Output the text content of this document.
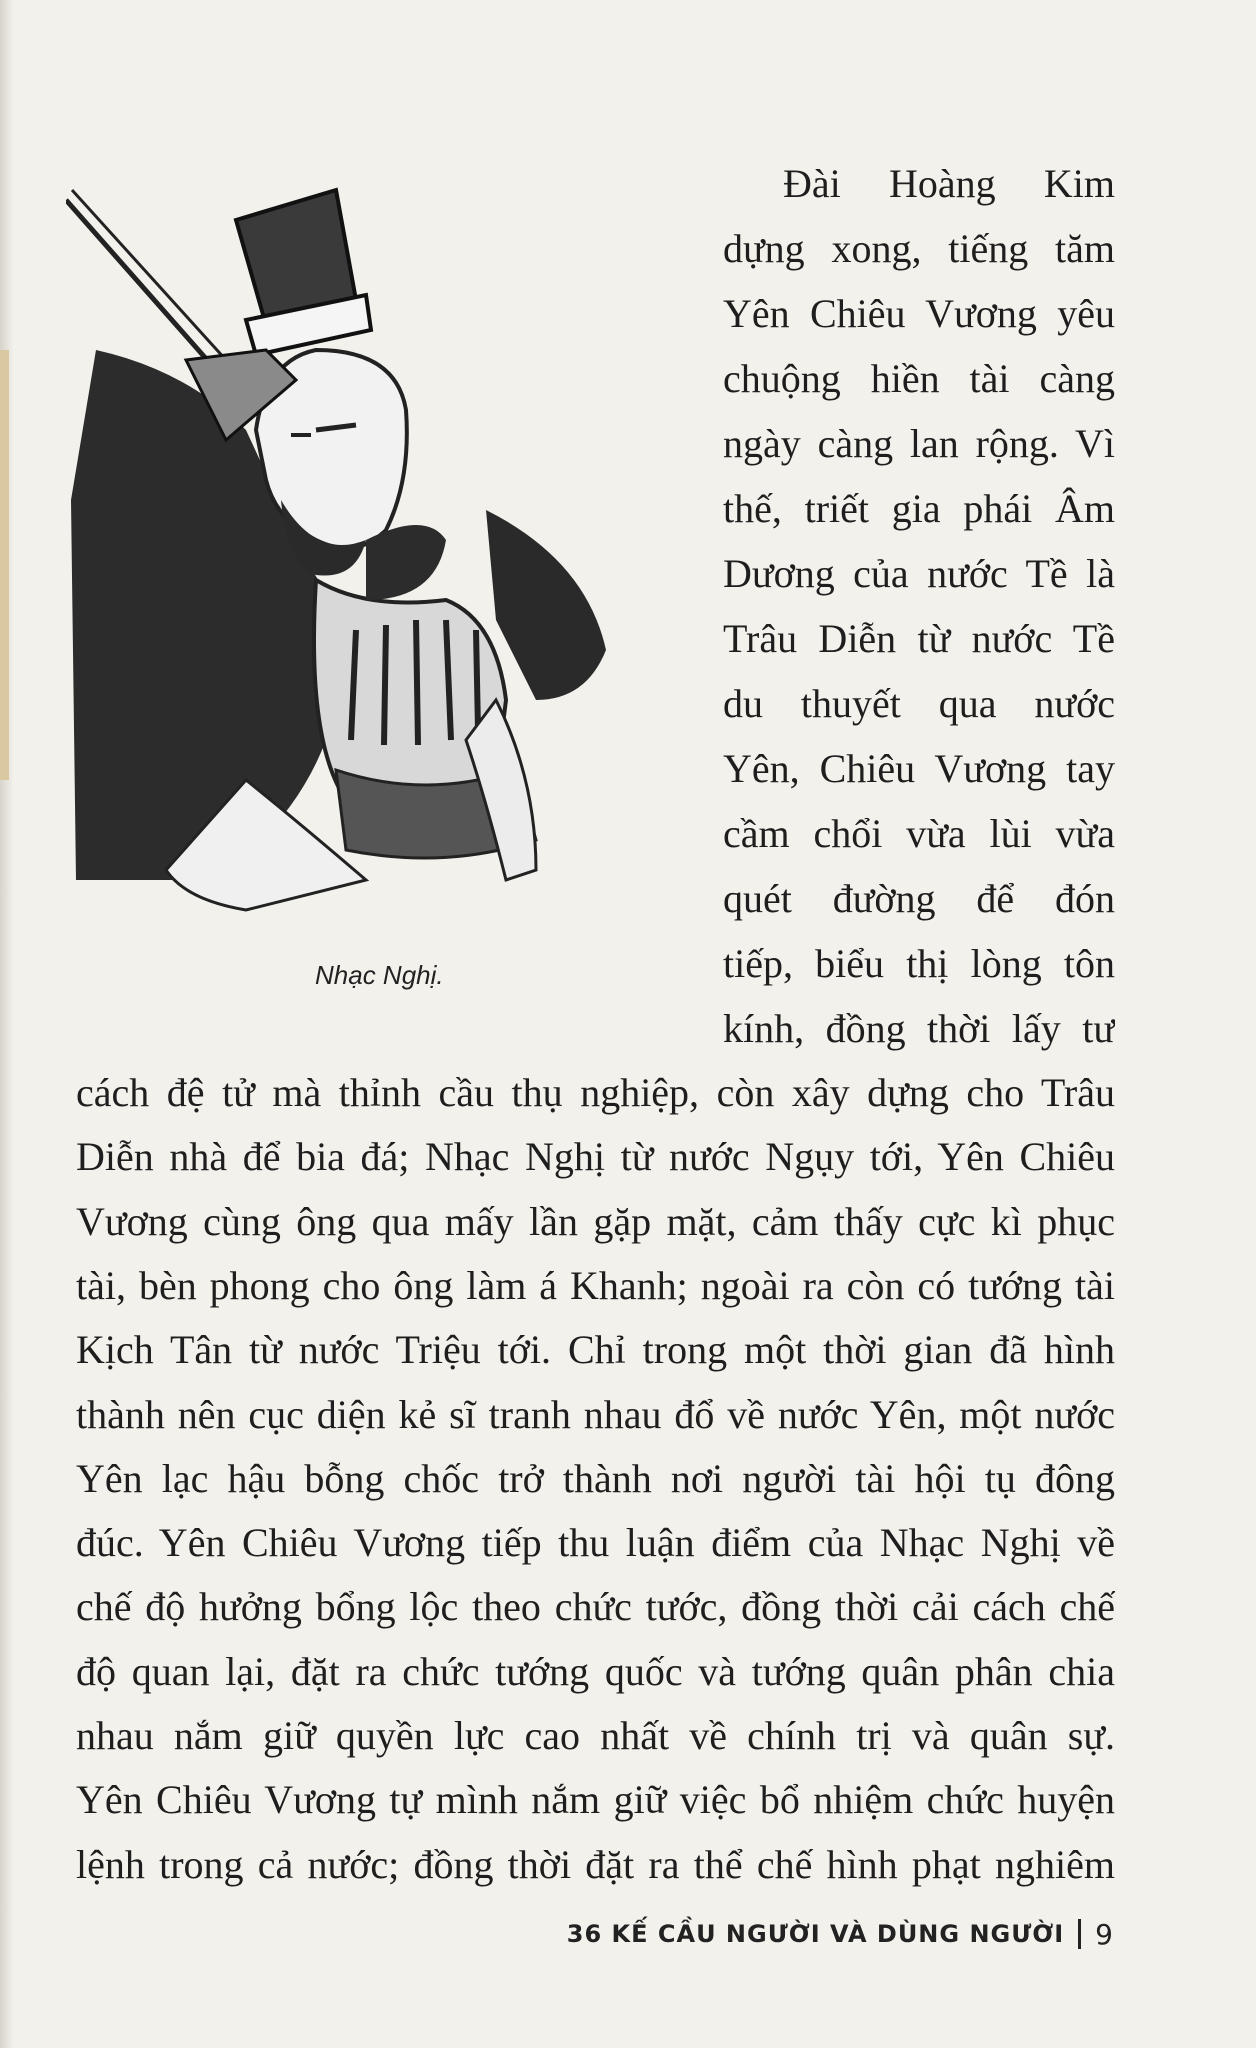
Nhạc Nghị.
Đài Hoàng Kim
dựng xong, tiếng tăm
Yên Chiêu Vương yêu
chuộng hiền tài càng
ngày càng lan rộng. Vì
thế, triết gia phái Âm
Dương của nước Tề là
Trâu Diễn từ nước Tề
du thuyết qua nước
Yên, Chiêu Vương tay
cầm chổi vừa lùi vừa
quét đường để đón
tiếp, biểu thị lòng tôn
kính, đồng thời lấy tư
cách đệ tử mà thỉnh cầu thụ nghiệp, còn xây dựng cho Trâu
Diễn nhà để bia đá; Nhạc Nghị từ nước Ngụy tới, Yên Chiêu
Vương cùng ông qua mấy lần gặp mặt, cảm thấy cực kì phục
tài, bèn phong cho ông làm á Khanh; ngoài ra còn có tướng tài
Kịch Tân từ nước Triệu tới. Chỉ trong một thời gian đã hình
thành nên cục diện kẻ sĩ tranh nhau đổ về nước Yên, một nước
Yên lạc hậu bỗng chốc trở thành nơi người tài hội tụ đông
đúc. Yên Chiêu Vương tiếp thu luận điểm của Nhạc Nghị về
chế độ hưởng bổng lộc theo chức tước, đồng thời cải cách chế
độ quan lại, đặt ra chức tướng quốc và tướng quân phân chia
nhau nắm giữ quyền lực cao nhất về chính trị và quân sự.
Yên Chiêu Vương tự mình nắm giữ việc bổ nhiệm chức huyện
lệnh trong cả nước; đồng thời đặt ra thể chế hình phạt nghiêm
36 KẾ CẦU NGƯỜI VÀ DÙNG NGƯỜI 9
